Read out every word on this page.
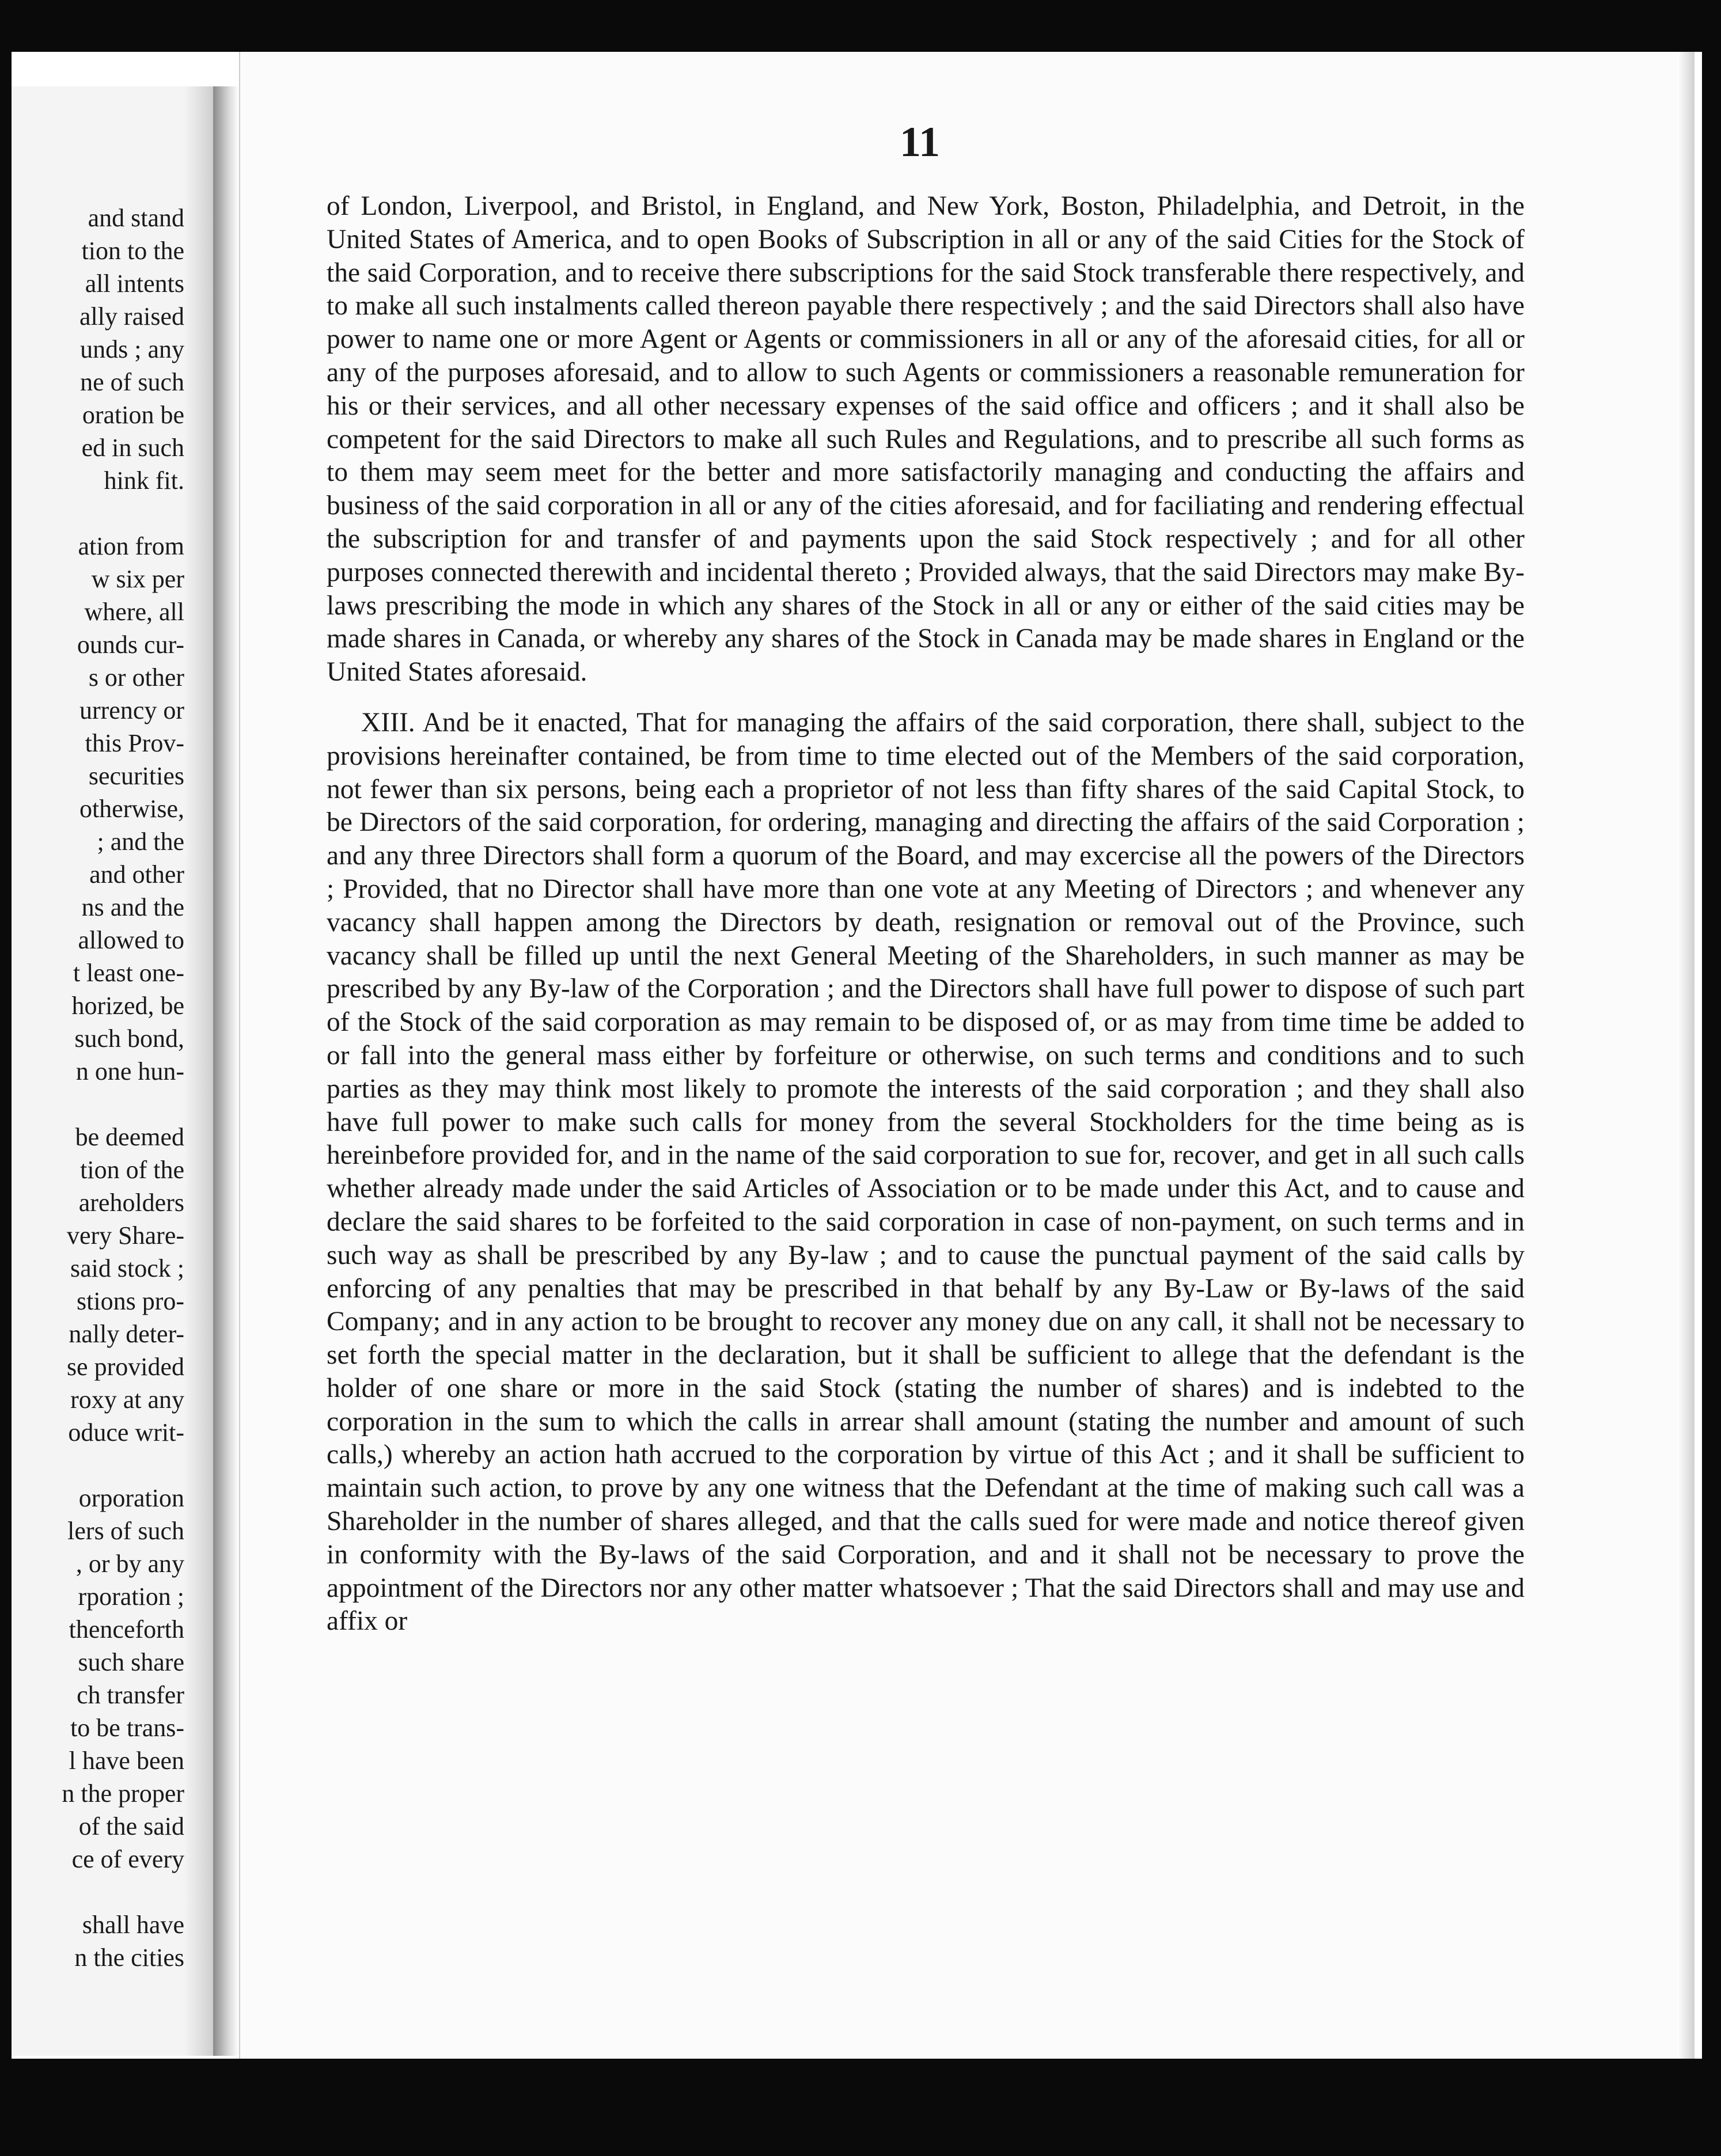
and stand
tion to the
all intents
ally raised
unds ; any
ne of such
oration be
ed in such
hink fit.
ation from
w six per
where, all
ounds cur-
s or other
urrency or
this Prov-
securities
otherwise,
; and the
and other
ns and the
allowed to
t least one-
horized, be
such bond,
n one hun-
be deemed
tion of the
areholders
very Share-
said stock ;
stions pro-
nally deter-
se provided
roxy at any
oduce writ-
orporation
lers of such
, or by any
rporation ;
thenceforth
such share
ch transfer
to be trans-
l have been
n the proper
of the said
ce of every
shall have
n the cities
11

of London, Liverpool, and Bristol, in England, and New York, Boston, Philadelphia, and Detroit, in the United States of America, and to open Books of Subscription in all or any of the said Cities for the Stock of the said Corporation, and to receive there subscriptions for the said Stock transferable there respectively, and to make all such instalments called thereon payable there respectively ; and the said Directors shall also have power to name one or more Agent or Agents or commissioners in all or any of the aforesaid cities, for all or any of the purposes aforesaid, and to allow to such Agents or commissioners a reasonable remuneration for his or their services, and all other necessary expenses of the said office and officers ; and it shall also be competent for the said Directors to make all such Rules and Regulations, and to prescribe all such forms as to them may seem meet for the better and more satisfactorily managing and conducting the affairs and business of the said corporation in all or any of the cities aforesaid, and for faciliating and rendering effectual the subscription for and transfer of and payments upon the said Stock respectively ; and for all other purposes connected therewith and incidental thereto ; Provided always, that the said Directors may make By-laws prescribing the mode in which any shares of the Stock in all or any or either of the said cities may be made shares in Canada, or whereby any shares of the Stock in Canada may be made shares in England or the United States aforesaid.

XIII. And be it enacted, That for managing the affairs of the said corporation, there shall, subject to the provisions hereinafter contained, be from time to time elected out of the Members of the said corporation, not fewer than six persons, being each a proprietor of not less than fifty shares of the said Capital Stock, to be Directors of the said corporation, for ordering, managing and directing the affairs of the said Corporation ; and any three Directors shall form a quorum of the Board, and may excercise all the powers of the Directors ; Provided, that no Director shall have more than one vote at any Meeting of Directors ; and whenever any vacancy shall happen among the Directors by death, resignation or removal out of the Province, such vacancy shall be filled up until the next General Meeting of the Shareholders, in such manner as may be prescribed by any By-law of the Corporation ; and the Directors shall have full power to dispose of such part of the Stock of the said corporation as may remain to be disposed of, or as may from time time be added to or fall into the general mass either by forfeiture or otherwise, on such terms and conditions and to such parties as they may think most likely to promote the interests of the said corporation ; and they shall also have full power to make such calls for money from the several Stockholders for the time being as is hereinbefore provided for, and in the name of the said corporation to sue for, recover, and get in all such calls whether already made under the said Articles of Association or to be made under this Act, and to cause and declare the said shares to be forfeited to the said corporation in case of non-payment, on such terms and in such way as shall be prescribed by any By-law ; and to cause the punctual payment of the said calls by enforcing of any penalties that may be prescribed in that behalf by any By-Law or By-laws of the said Company; and in any action to be brought to recover any money due on any call, it shall not be necessary to set forth the special matter in the declaration, but it shall be sufficient to allege that the defendant is the holder of one share or more in the said Stock (stating the number of shares) and is indebted to the corporation in the sum to which the calls in arrear shall amount (stating the number and amount of such calls,) whereby an action hath accrued to the corporation by virtue of this Act ; and it shall be sufficient to maintain such action, to prove by any one witness that the Defendant at the time of making such call was a Shareholder in the number of shares alleged, and that the calls sued for were made and notice thereof given in conformity with the By-laws of the said Corporation, and and it shall not be necessary to prove the appointment of the Directors nor any other matter whatsoever ; That the said Directors shall and may use and affix or
